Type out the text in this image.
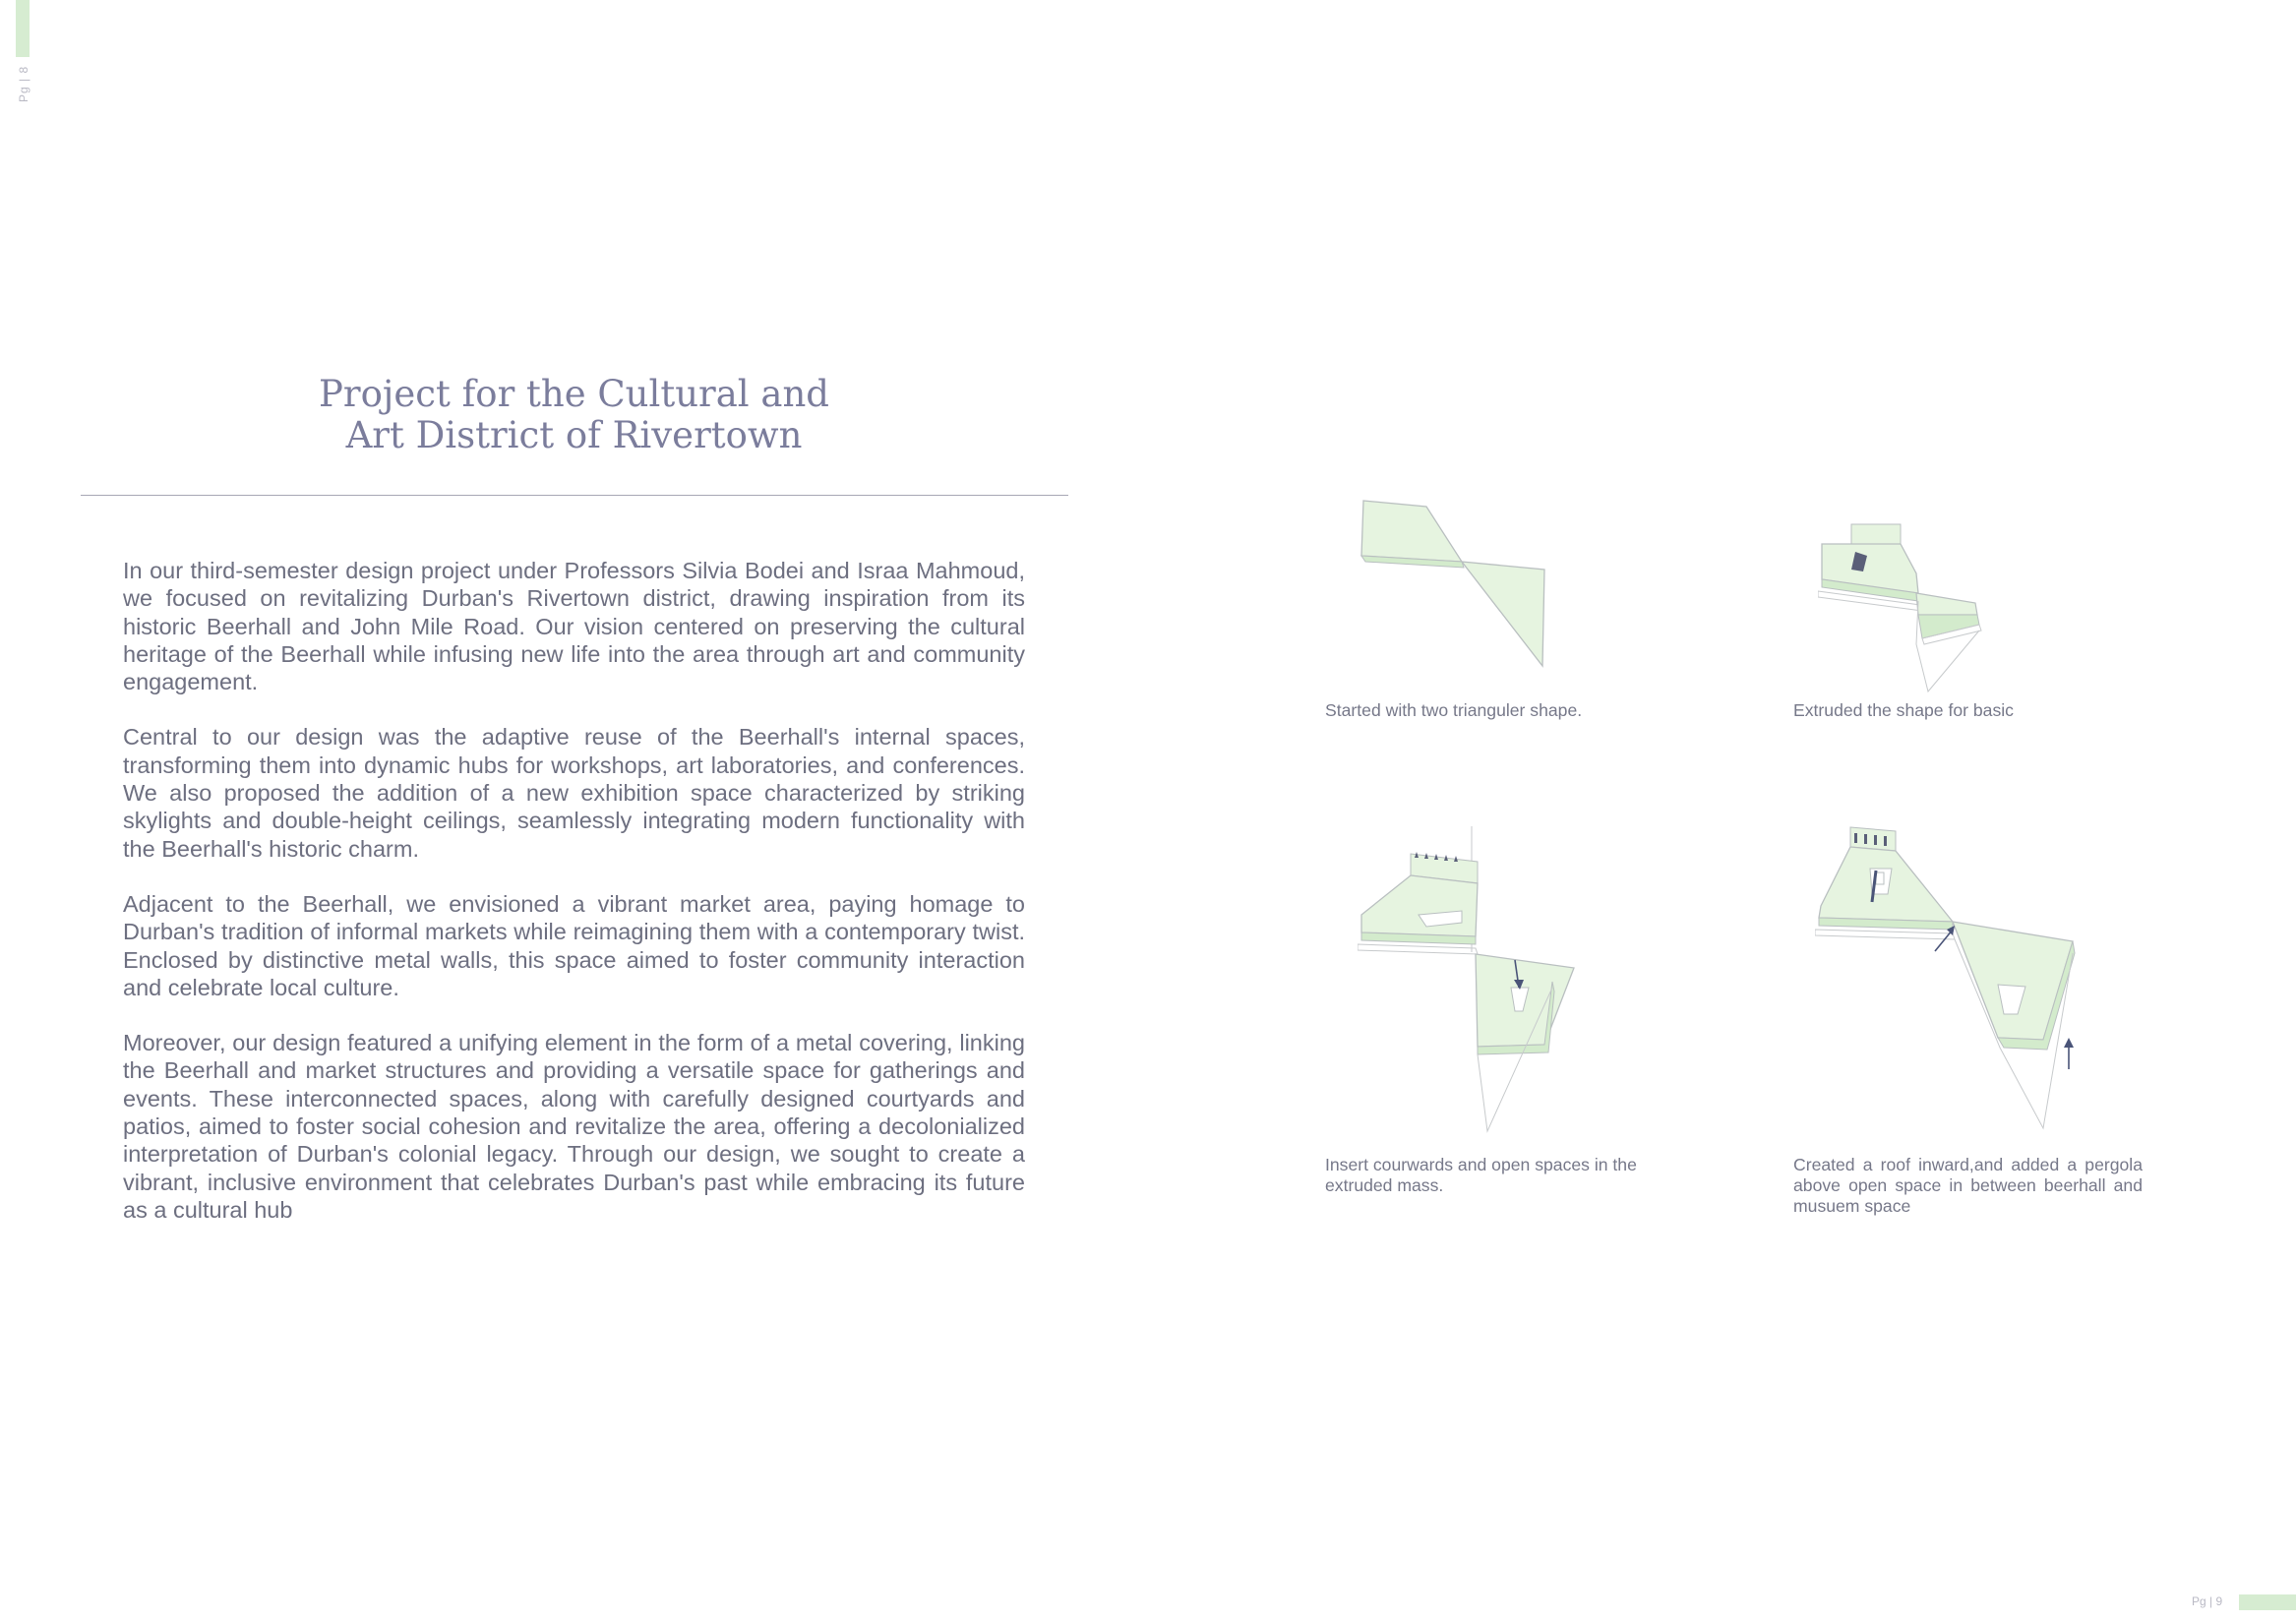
Pg | 8
Pg | 9
Project for the Cultural and
Art District of Rivertown

In our third-semester design project under Professors Silvia Bodei and Israa Mahmoud, we focused on revitalizing Durban's Rivertown district, drawing inspiration from its historic Beerhall and John Mile Road. Our vision centered on preserving the cultural heritage of the Beerhall while infusing new life into the area through art and community engagement.

Central to our design was the adaptive reuse of the Beerhall's internal spaces, transforming them into dynamic hubs for workshops, art laboratories, and conferences. We also proposed the addition of a new exhibition space characterized by striking skylights and double-height ceilings, seamlessly integrating modern functionality with the Beerhall's historic charm.

Adjacent to the Beerhall, we envisioned a vibrant market area, paying homage to Durban's tradition of informal markets while reimagining them with a contemporary twist. Enclosed by distinctive metal walls, this space aimed to foster community interaction and celebrate local culture.

Moreover, our design featured a unifying element in the form of a metal covering, linking the Beerhall and market structures and providing a versatile space for gatherings and events. These interconnected spaces, along with carefully designed courtyards and patios, aimed to foster social cohesion and revitalize the area, offering a decolonialized interpretation of Durban's colonial legacy. Through our design, we sought to create a vibrant, inclusive environment that celebrates Durban's past while embracing its future as a cultural hub

Started with two trianguler shape.	Extruded the shape for basic
Insert courwards and open spaces in the extruded mass.
Created a roof inward,and added a pergola above open space in between beerhall and musuem space
